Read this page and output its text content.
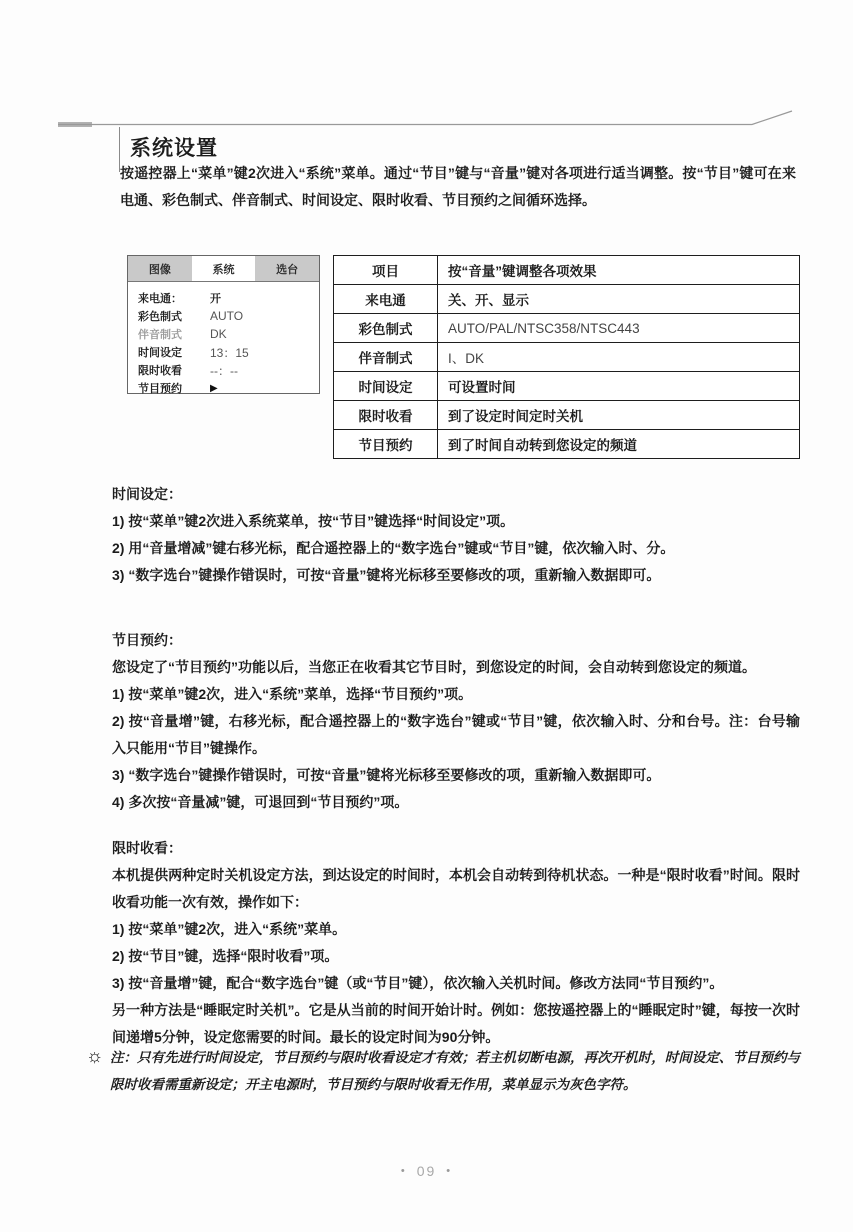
系统设置

按遥控器上“菜单”键2次进入“系统”菜单。通过“节目”键与“音量”键对各项进行适当调整。按“节目”键可在来电通、彩色制式、伴音制式、时间设定、限时收看、节目预约之间循环选择。

图像	系统	选台
来电通：	开
彩色制式	AUTO
伴音制式	DK
时间设定	13：15
限时收看	--：--
节目预约	▶
项目	按“音量”键调整各项效果
来电通	关、开、显示
彩色制式	AUTO/PAL/NTSC358/NTSC443
伴音制式	I、DK
时间设定	可设置时间
限时收看	到了设定时间定时关机
节目预约	到了时间自动转到您设定的频道
时间设定：

1) 按“菜单”键2次进入系统菜单，按“节目”键选择“时间设定”项。

2) 用“音量增减”键右移光标，配合遥控器上的“数字选台”键或“节目”键，依次输入时、分。

3) “数字选台”键操作错误时，可按“音量”键将光标移至要修改的项，重新输入数据即可。

节目预约：

您设定了“节目预约”功能以后，当您正在收看其它节目时，到您设定的时间，会自动转到您设定的频道。

1) 按“菜单”键2次，进入“系统”菜单，选择“节目预约”项。

2) 按“音量增”键，右移光标，配合遥控器上的“数字选台”键或“节目”键，依次输入时、分和台号。注：台号输入只能用“节目”键操作。

3) “数字选台”键操作错误时，可按“音量”键将光标移至要修改的项，重新输入数据即可。

4) 多次按“音量减”键，可退回到“节目预约”项。

限时收看：

本机提供两种定时关机设定方法，到达设定的时间时，本机会自动转到待机状态。一种是“限时收看”时间。限时收看功能一次有效，操作如下：

1) 按“菜单”键2次，进入“系统”菜单。

2) 按“节目”键，选择“限时收看”项。

3) 按“音量增”键，配合“数字选台”键（或“节目”键），依次输入关机时间。修改方法同“节目预约”。

另一种方法是“睡眠定时关机”。它是从当前的时间开始计时。例如：您按遥控器上的“睡眠定时”键，每按一次时间递增5分钟，设定您需要的时间。最长的设定时间为90分钟。

☼ 注：只有先进行时间设定，节目预约与限时收看设定才有效；若主机切断电源，再次开机时，时间设定、节目预约与限时收看需重新设定；开主电源时，节目预约与限时收看无作用，菜单显示为灰色字符。

• 09 •
